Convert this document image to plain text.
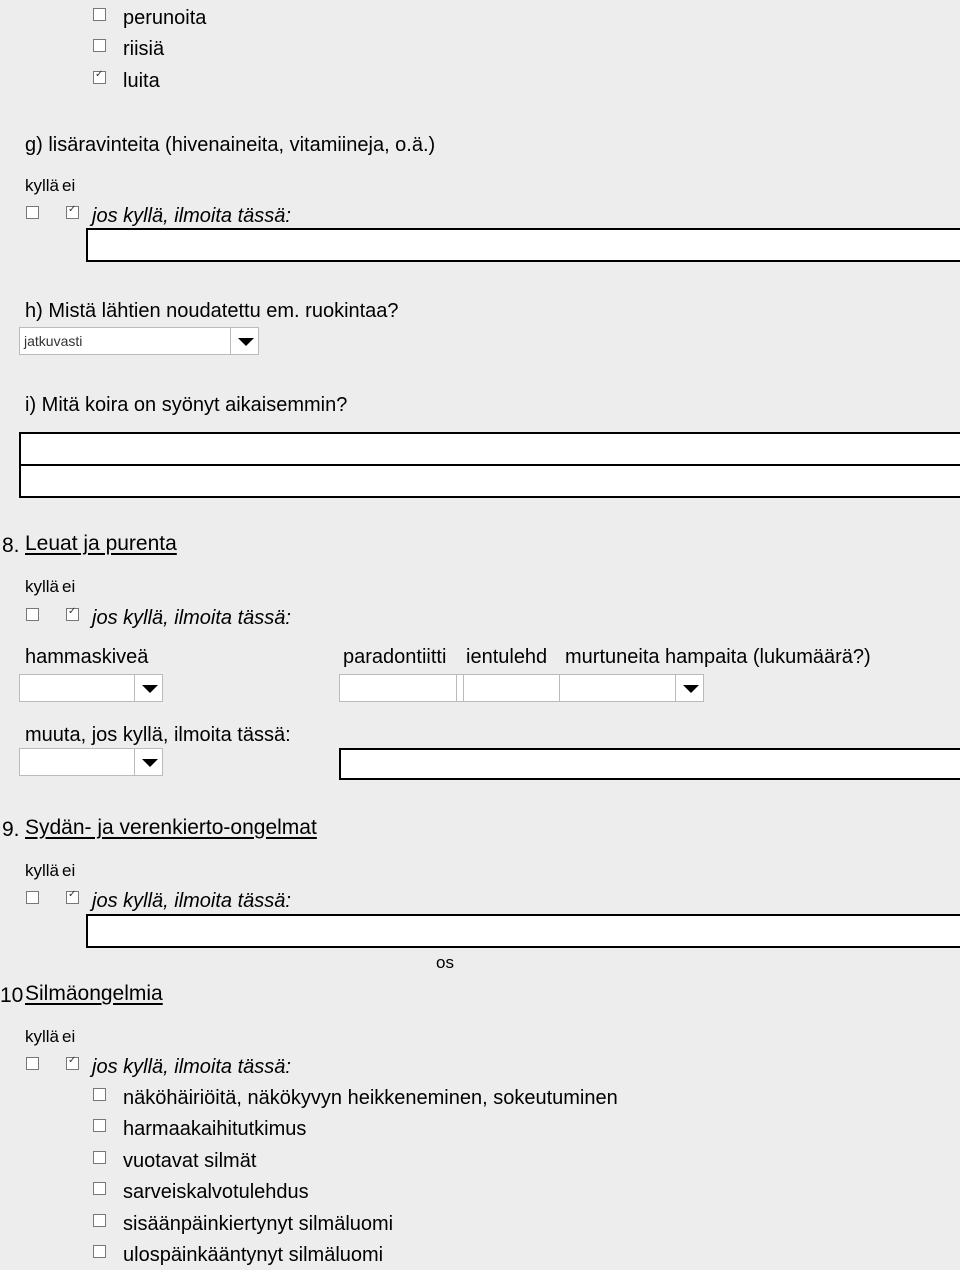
perunoita
riisiä
✓
luita
g) lisäravinteita (hivenaineita, vitamiineja, o.ä.)
kyllä ei
✓
jos kyllä, ilmoita tässä:
h) Mistä lähtien noudatettu em. ruokintaa?
jatkuvasti
i) Mitä koira on syönyt aikaisemmin?
8. Leuat ja purenta
kyllä ei
✓
jos kyllä, ilmoita tässä:
hammaskiveä	paradontiitti ientulehd murtuneita hampaita (lukumäärä?)
muuta, jos kyllä, ilmoita tässä:
9. Sydän- ja verenkierto-ongelmat
kyllä ei
✓
jos kyllä, ilmoita tässä:
os
10 Silmäongelmia
kyllä ei
✓
jos kyllä, ilmoita tässä:
näköhäiriöitä, näkökyvyn heikkeneminen, sokeutuminen
harmaakaihitutkimus
vuotavat silmät
sarveiskalvotulehdus
sisäänpäinkiertynyt silmäluomi
ulospäinkääntynyt silmäluomi
